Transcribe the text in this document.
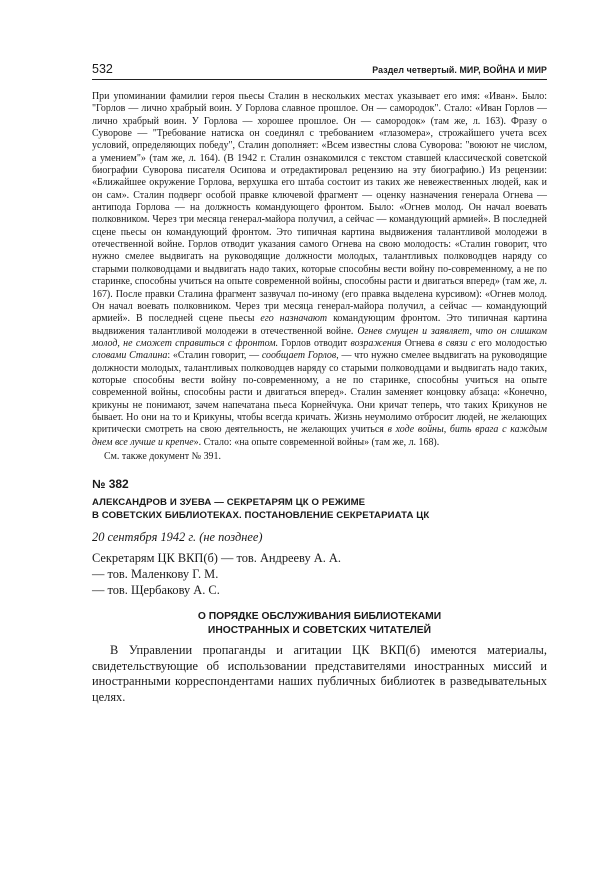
532	Раздел четвертый. МИР, ВОЙНА И МИР

При упоминании фамилии героя пьесы Сталин в нескольких местах указывает его имя: «Иван». Было: "Горлов — лично храбрый воин. У Горлова славное прошлое. Он — самородок". Стало: «Иван Горлов — лично храбрый воин. У Горлова — хорошее прошлое. Он — самородок» (там же, л. 163). Фразу о Суворове — "Требование натиска он соединял с требованием «глазомера», строжайшего учета всех условий, определяющих победу", Сталин дополняет: «Всем известны слова Суворова: "воюют не числом, а умением"» (там же, л. 164). (В 1942 г. Сталин ознакомился с текстом ставшей классической советской биографии Суворова писателя Осипова и отредактировал рецензию на эту биографию.) Из рецензии: «Ближайшее окружение Горлова, верхушка его штаба состоит из таких же невежественных людей, как и он сам». Сталин подверг особой правке ключевой фрагмент — оценку назначения генерала Огнева — антипода Горлова — на должность командующего фронтом. Было: «Огнев молод. Он начал воевать полковником. Через три месяца генерал-майора получил, а сейчас — командующий армией». В последней сцене пьесы он командующий фронтом. Это типичная картина выдвижения талантливой молодежи в отечественной войне. Горлов отводит указания самого Огнева на свою молодость: «Сталин говорит, что нужно смелее выдвигать на руководящие должности молодых, талантливых полководцев наряду со старыми полководцами и выдвигать надо таких, которые способны вести войну по-современному, а не по старинке, способны учиться на опыте современной войны, способны расти и двигаться вперед» (там же, л. 167). После правки Сталина фрагмент зазвучал по-иному (его правка выделена курсивом): «Огнев молод. Он начал воевать полковником. Через три месяца генерал-майора получил, а сейчас — командующий армией». В последней сцене пьесы его назначают командующим фронтом. Это типичная картина выдвижения талантливой молодежи в отечественной войне. Огнев смущен и заявляет, что он слишком молод, не сможет справиться с фронтом. Горлов отводит возражения Огнева в связи с его молодостью словами Сталина: «Сталин говорит, — сообщает Горлов, — что нужно смелее выдвигать на руководящие должности молодых, талантливых полководцев наряду со старыми полководцами и выдвигать надо таких, которые способны вести войну по-современному, а не по старинке, способны учиться на опыте современной войны, способны расти и двигаться вперед». Сталин заменяет концовку абзаца: «Конечно, крикуны не понимают, зачем напечатана пьеса Корнейчука. Они кричат теперь, что таких Крикунов не бывает. Но они на то и Крикуны, чтобы всегда кричать. Жизнь неумолимо отбросит людей, не желающих критически смотреть на свою деятельность, не желающих учиться в ходе войны, бить врага с каждым днем все лучше и крепче». Стало: «на опыте современной войны» (там же, л. 168).

См. также документ № 391.

№ 382
АЛЕКСАНДРОВ И ЗУЕВА — СЕКРЕТАРЯМ ЦК О РЕЖИМЕ
В СОВЕТСКИХ БИБЛИОТЕКАХ. ПОСТАНОВЛЕНИЕ СЕКРЕТАРИАТА ЦК
20 сентября 1942 г. (не позднее)

Секретарям ЦК ВКП(б) — тов. Андрееву А. А.

— тов. Маленкову Г. М.

— тов. Щербакову А. С.

О ПОРЯДКЕ ОБСЛУЖИВАНИЯ БИБЛИОТЕКАМИ
ИНОСТРАННЫХ И СОВЕТСКИХ ЧИТАТЕЛЕЙ

В Управлении пропаганды и агитации ЦК ВКП(б) имеются материалы, свидетельствующие об использовании представителями иностранных миссий и иностранными корреспондентами наших публичных библиотек в разведывательных целях.
